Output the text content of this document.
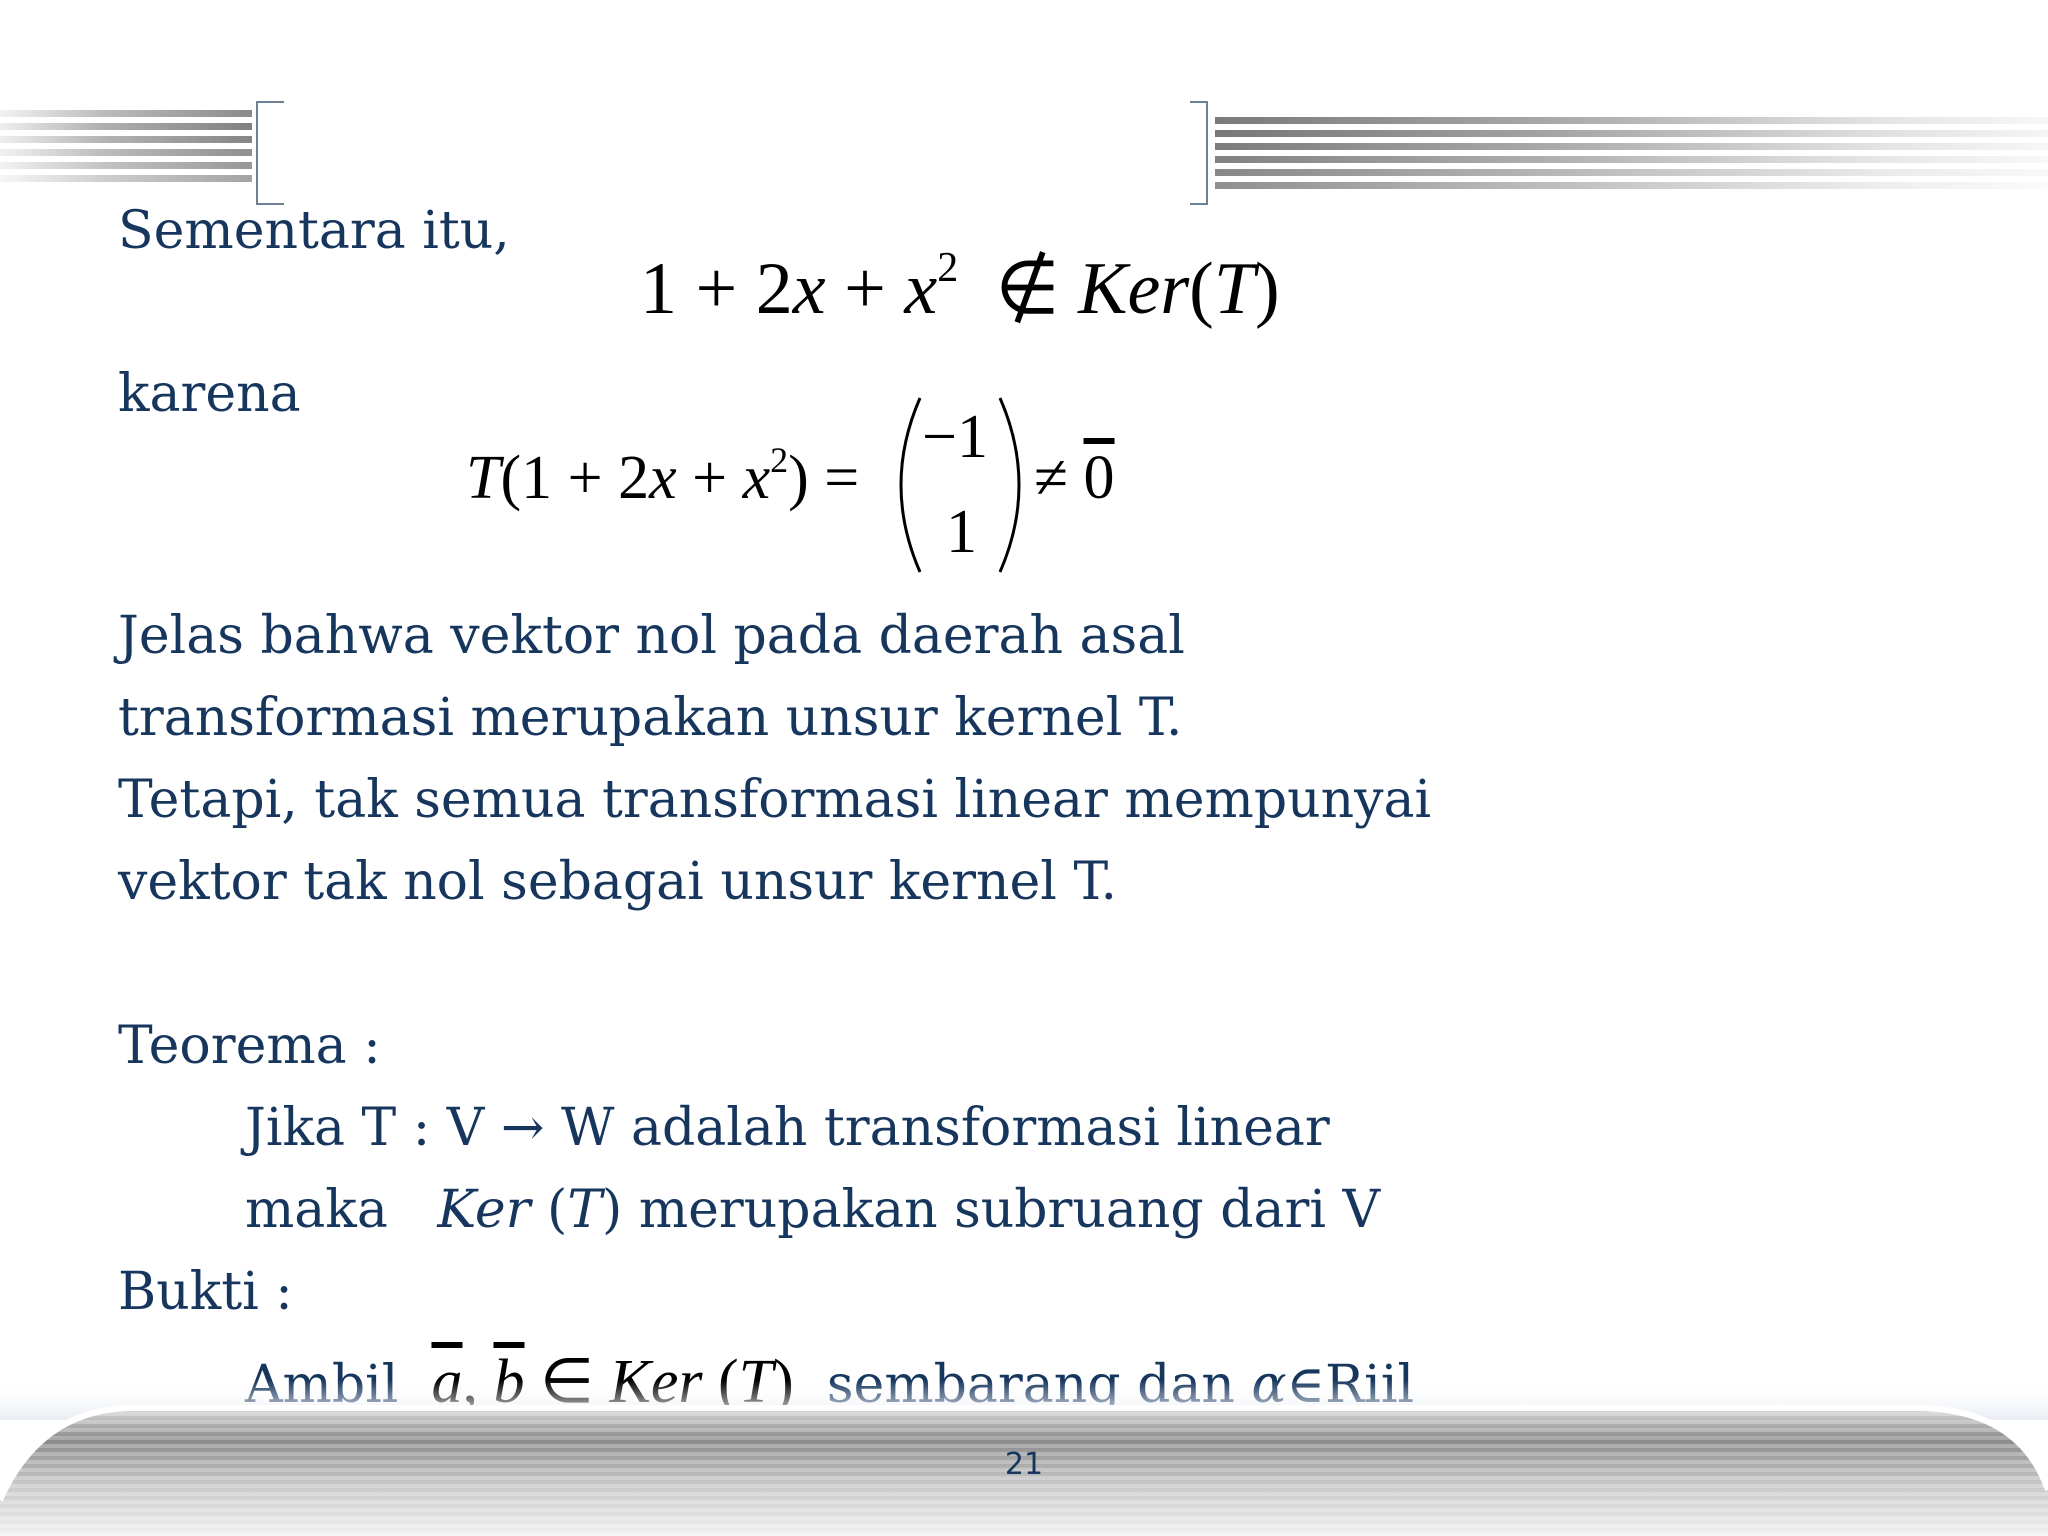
Sementara itu,
$1 + 2x + x^2$ ∉ Ker(T)
karena
$T(1 + 2x + x^2)$ =
−1
1
≠ 0
Jelas bahwa vektor nol pada daerah asal
transformasi merupakan unsur kernel T.
Tetapi, tak semua transformasi linear mempunyai
vektor tak nol sebagai unsur kernel T.
Teorema :
Jika T : V → W adalah transformasi linear
maka Ker (T) merupakan subruang dari V
Bukti :

21
